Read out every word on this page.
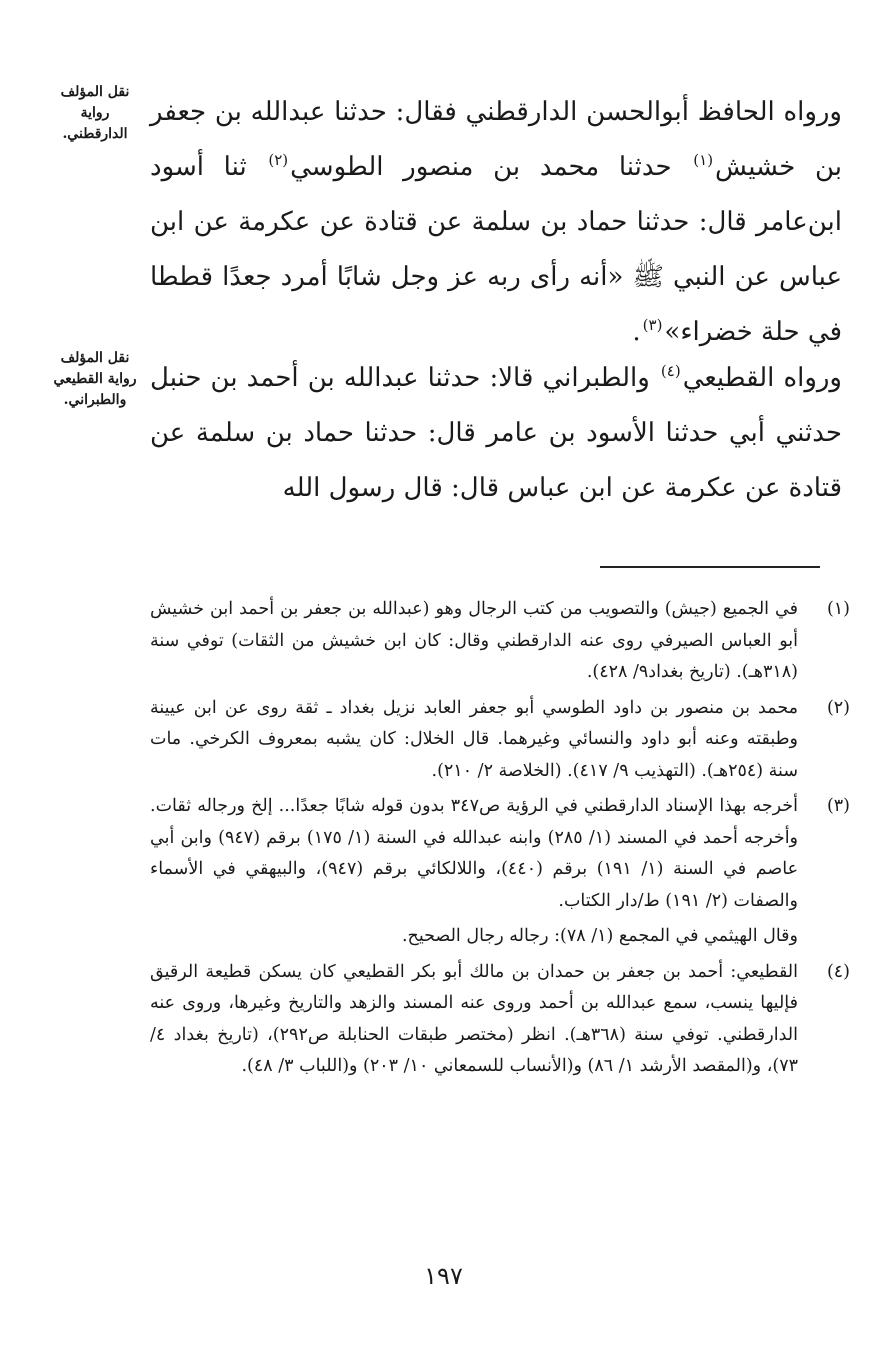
نقل المؤلف
رواية
الدارقطني.
نقل المؤلف
رواية القطيعي
والطبراني.

ورواه الحافظ أبوالحسن الدارقطني فقال: حدثنا عبدالله بن جعفر بن خشيش$^{(١)}$ حدثنا محمد بن منصور الطوسي$^{(٢)}$ ثنا أسود ابن‌عامر قال: حدثنا حماد بن سلمة عن قتادة عن عكرمة عن ابن عباس عن النبي ﷺ «أنه رأى ربه عز وجل شابًا أمرد جعدًا قططا في حلة خضراء»$^{(٣)}$.

ورواه القطيعي$^{(٤)}$ والطبراني قالا: حدثنا عبدالله بن أحمد بن حنبل حدثني أبي حدثنا الأسود بن عامر قال: حدثنا حماد بن سلمة عن قتادة عن عكرمة عن ابن عباس قال: قال رسول الله

(١)
في الجميع (جيش) والتصويب من كتب الرجال وهو (عبدالله بن جعفر بن أحمد ابن خشيش أبو العباس الصيرفي روى عنه الدارقطني وقال: كان ابن خشيش من الثقات) توفي سنة (٣١٨هـ). (تاريخ بغداد٩/ ٤٢٨).
(٢)
محمد بن منصور بن داود الطوسي أبو جعفر العابد نزيل بغداد ـ ثقة روى عن ابن عيينة وطبقته وعنه أبو داود والنسائي وغيرهما. قال الخلال: كان يشبه بمعروف الكرخي. مات سنة (٢٥٤هـ). (التهذيب ٩/ ٤١٧). (الخلاصة ٢/ ٢١٠).
(٣)
أخرجه بهذا الإسناد الدارقطني في الرؤية ص٣٤٧ بدون قوله شابًا جعدًا... إلخ ورجاله ثقات. وأخرجه أحمد في المسند (١/ ٢٨٥) وابنه عبدالله في السنة (١/ ١٧٥) برقم (٩٤٧) وابن أبي عاصم في السنة (١/ ١٩١) برقم (٤٤٠)، واللالكائي برقم (٩٤٧)، والبيهقي في الأسماء والصفات (٢/ ١٩١) ط/دار الكتاب.
وقال الهيثمي في المجمع (١/ ٧٨): رجاله رجال الصحيح.
(٤)
القطيعي: أحمد بن جعفر بن حمدان بن مالك أبو بكر القطيعي كان يسكن قطيعة الرقيق فإليها ينسب، سمع عبدالله بن أحمد وروى عنه المسند والزهد والتاريخ وغيرها، وروى عنه الدارقطني. توفي سنة (٣٦٨هـ). انظر (مختصر طبقات الحنابلة ص٢٩٢)، (تاريخ بغداد ٤/ ٧٣)، و(المقصد الأرشد ١/ ٨٦) و(الأنساب للسمعاني ١٠/ ٢٠٣) و(اللباب ٣/ ٤٨).
١٩٧
